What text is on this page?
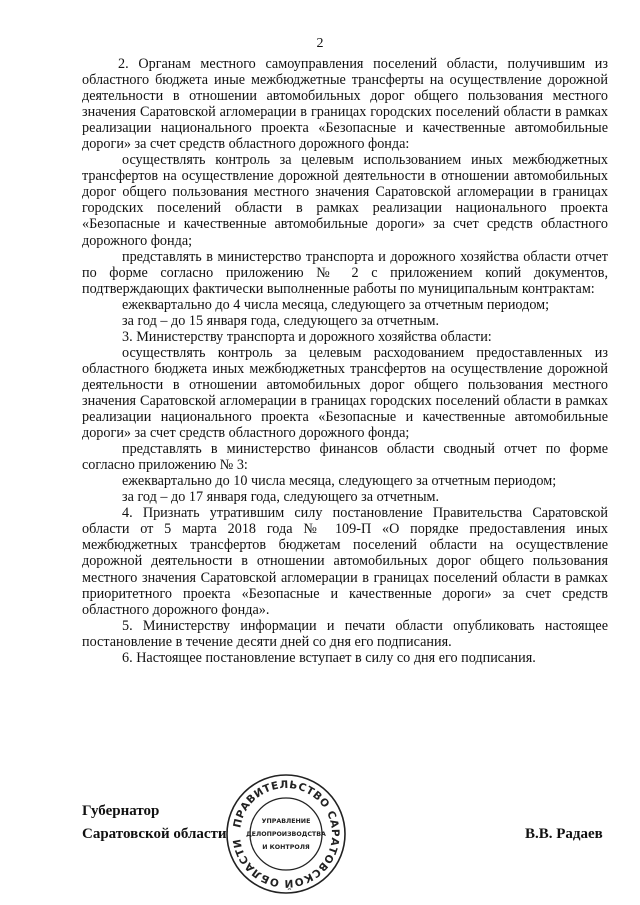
2

2. Органам местного самоуправления поселений области, получившим из областного бюджета иные межбюджетные трансферты на осуществление дорожной деятельности в отношении автомобильных дорог общего пользования местного значения Саратовской агломерации в границах городских поселений области в рамках реализации национального проекта «Безопасные и качественные автомобильные дороги» за счет средств областного дорожного фонда:

осуществлять контроль за целевым использованием иных межбюджетных трансфертов на осуществление дорожной деятельности в отношении автомобильных дорог общего пользования местного значения Саратовской агломерации в границах городских поселений области в рамках реализации национального проекта «Безопасные и качественные автомобильные дороги» за счет средств областного дорожного фонда;

представлять в министерство транспорта и дорожного хозяйства области отчет по форме согласно приложению № 2 с приложением копий документов, подтверждающих фактически выполненные работы по муниципальным контрактам:

ежеквартально до 4 числа месяца, следующего за отчетным периодом;

за год – до 15 января года, следующего за отчетным.

3. Министерству транспорта и дорожного хозяйства области:

осуществлять контроль за целевым расходованием предоставленных из областного бюджета иных межбюджетных трансфертов на осуществление дорожной деятельности в отношении автомобильных дорог общего пользования местного значения Саратовской агломерации в границах городских поселений области в рамках реализации национального проекта «Безопасные и качественные автомобильные дороги» за счет средств областного дорожного фонда;

представлять в министерство финансов области сводный отчет по форме согласно приложению № 3:

ежеквартально до 10 числа месяца, следующего за отчетным периодом;

за год – до 17 января года, следующего за отчетным.

4. Признать утратившим силу постановление Правительства Саратовской области от 5 марта 2018 года № 109-П «О порядке предоставления иных межбюджетных трансфертов бюджетам поселений области на осуществление дорожной деятельности в отношении автомобильных дорог общего пользования местного значения Саратовской агломерации в границах поселений области в рамках приоритетного проекта «Безопасные и качественные дороги» за счет средств областного дорожного фонда».

5. Министерству информации и печати области опубликовать настоящее постановление в течение десяти дней со дня его подписания.

6. Настоящее постановление вступает в силу со дня его подписания.

Губернатор
Саратовской области	В.В. Радаев
ПРАВИТЕЛЬСТВО САРАТОВСКОЙ ОБЛАСТИ
УПРАВЛЕНИЕ
ДЕЛОПРОИЗВОДСТВА
И КОНТРОЛЯ
